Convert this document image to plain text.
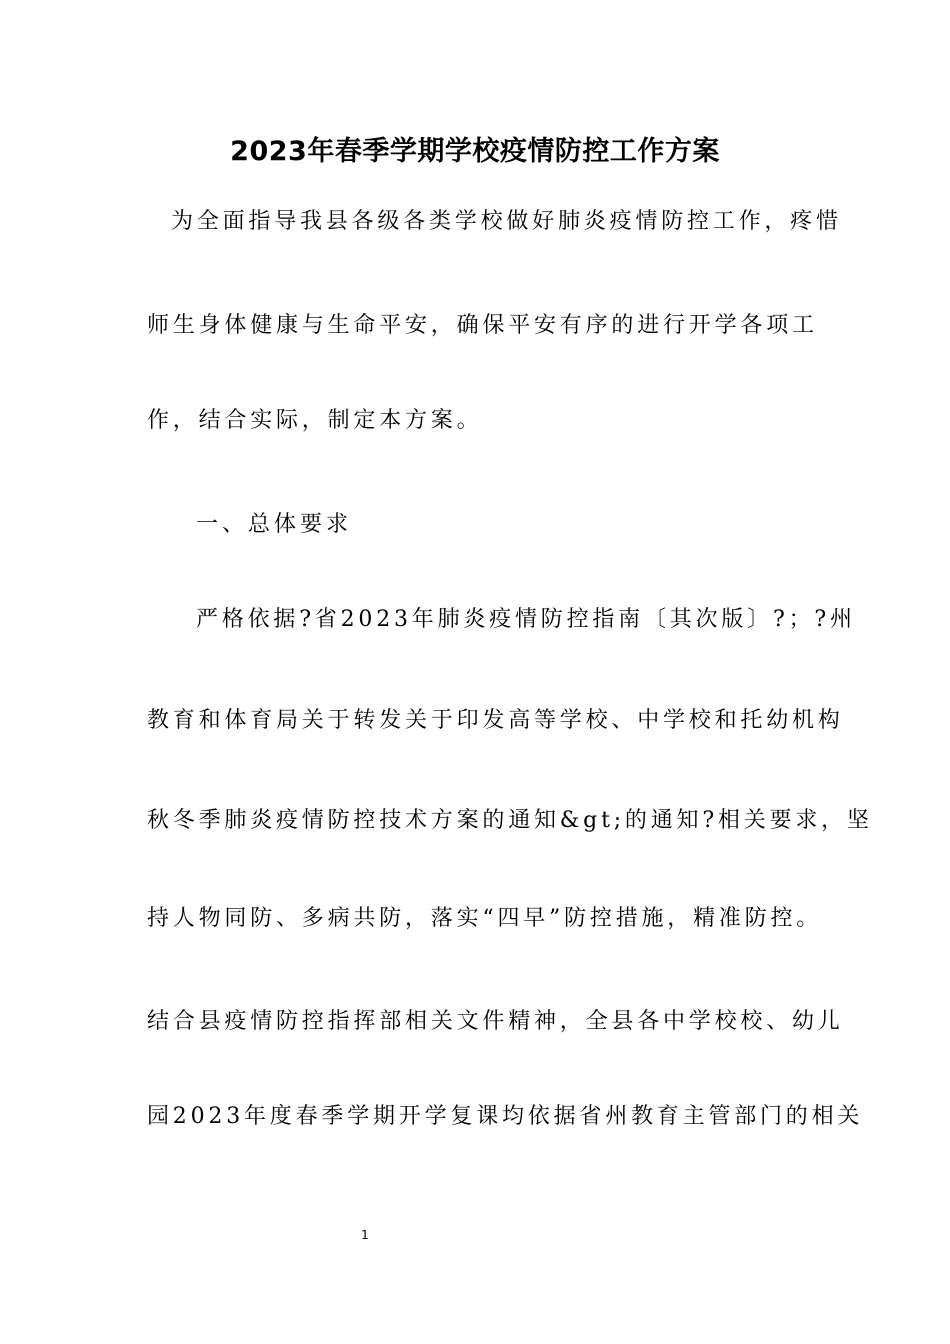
2023年春季学期学校疫情防控工作方案
为全面指导我县各级各类学校做好肺炎疫情防控工作，疼惜
师生身体健康与生命平安，确保平安有序的进行开学各项工
作，结合实际，制定本方案。
一、总体要求
严格依据?省2023年肺炎疫情防控指南〔其次版〕?；?州
教育和体育局关于转发关于印发高等学校、中学校和托幼机构
秋冬季肺炎疫情防控技术方案的通知&gt;的通知?相关要求，坚
持人物同防、多病共防，落实“四早”防控措施，精准防控。
结合县疫情防控指挥部相关文件精神，全县各中学校校、幼儿
园2023年度春季学期开学复课均依据省州教育主管部门的相关
1
